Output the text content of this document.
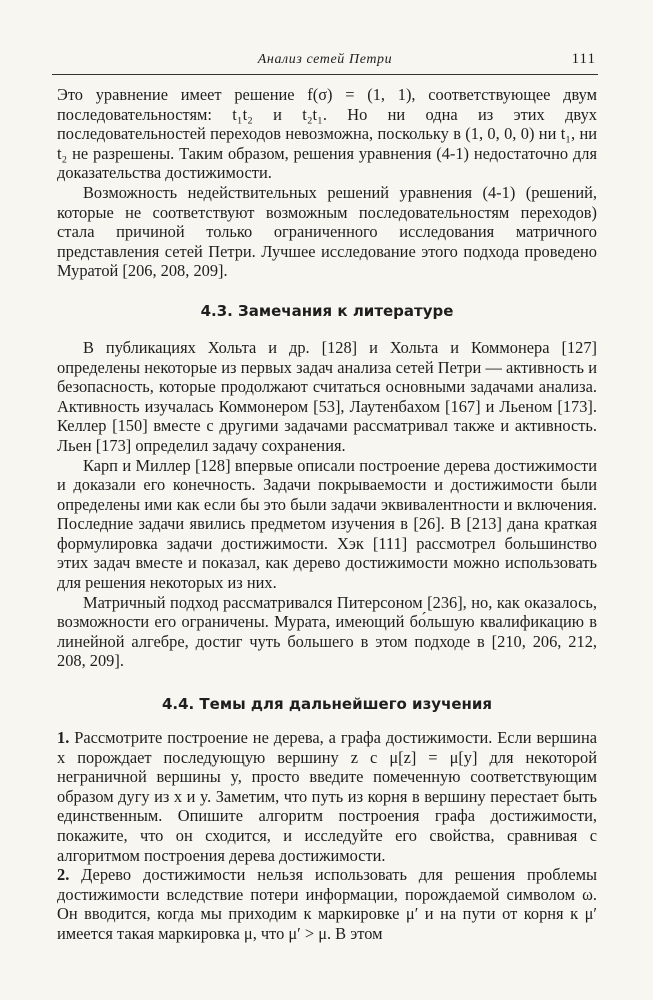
Анализ сетей Петри	111

Это уравнение имеет решение f(σ) = (1, 1), соответствующее двум последовательностям: t₁t₂ и t₂t₁. Но ни одна из этих двух последовательностей переходов невозможна, поскольку в (1, 0, 0, 0) ни t₁, ни t₂ не разрешены. Таким образом, решения уравнения (4-1) недостаточно для доказательства достижимости.

Возможность недействительных решений уравнения (4-1) (решений, которые не соответствуют возможным последовательностям переходов) стала причиной только ограниченного исследования матричного представления сетей Петри. Лучшее исследование этого подхода проведено Муратой [206, 208, 209].

4.3. Замечания к литературе

В публикациях Хольта и др. [128] и Хольта и Коммонера [127] определены некоторые из первых задач анализа сетей Петри — активность и безопасность, которые продолжают считаться основными задачами анализа. Активность изучалась Коммонером [53], Лаутенбахом [167] и Льеном [173]. Келлер [150] вместе с другими задачами рассматривал также и активность. Льен [173] определил задачу сохранения.

Карп и Миллер [128] впервые описали построение дерева достижимости и доказали его конечность. Задачи покрываемости и достижимости были определены ими как если бы это были задачи эквивалентности и включения. Последние задачи явились предметом изучения в [26]. В [213] дана краткая формулировка задачи достижимости. Хэк [111] рассмотрел большинство этих задач вместе и показал, как дерево достижимости можно использовать для решения некоторых из них.

Матричный подход рассматривался Питерсоном [236], но, как оказалось, возможности его ограничены. Мурата, имеющий бо́льшую квалификацию в линейной алгебре, достиг чуть большего в этом подходе в [210, 206, 212, 208, 209].

4.4. Темы для дальнейшего изучения

1. Рассмотрите построение не дерева, а графа достижимости. Если вершина x порождает последующую вершину z с μ[z] = μ[y] для некоторой неграничной вершины y, просто введите помеченную соответствующим образом дугу из x и y. Заметим, что путь из корня в вершину перестает быть единственным. Опишите алгоритм построения графа достижимости, покажите, что он сходится, и исследуйте его свойства, сравнивая с алгоритмом построения дерева достижимости.

2. Дерево достижимости нельзя использовать для решения проблемы достижимости вследствие потери информации, порождаемой символом ω. Он вводится, когда мы приходим к маркировке μ′ и на пути от корня к μ′ имеется такая маркировка μ, что μ′ > μ. В этом
